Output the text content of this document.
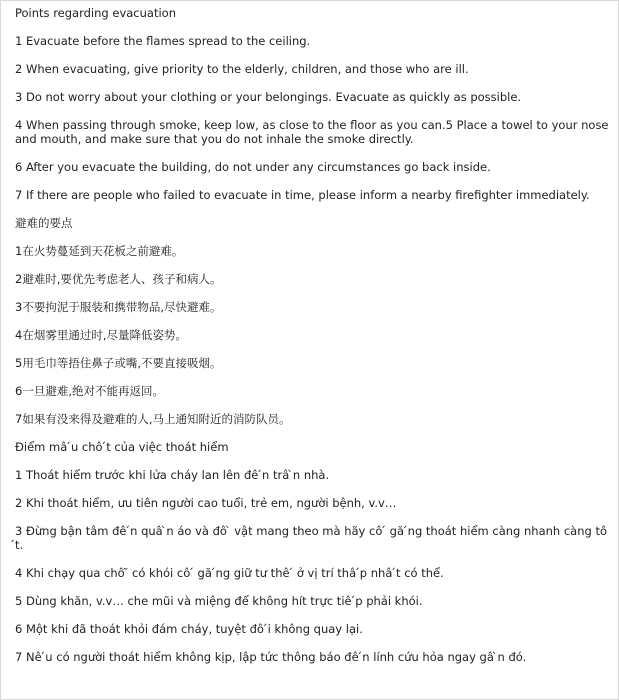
Points regarding evacuation

1 Evacuate before the flames spread to the ceiling.

2 When evacuating, give priority to the elderly, children, and those who are ill.

3 Do not worry about your clothing or your belongings. Evacuate as quickly as possible.

4 When passing through smoke, keep low, as close to the floor as you can.5 Place a towel to your nose and mouth, and make sure that you do not inhale the smoke directly.

6 After you evacuate the building, do not under any circumstances go back inside.

7 If there are people who failed to evacuate in time, please inform a nearby firefighter immediately.

避难的要点

1在火势蔓延到天花板之前避难。

2避难时,要优先考虑老人、孩子和病人。

3不要拘泥于服装和携带物品,尽快避难。

4在烟雾里通过时,尽量降低姿势。

5用毛巾等捂住鼻子或嘴,不要直接吸烟。

6一旦避难,绝对不能再返回。

7如果有没来得及避难的人,马上通知附近的消防队员。

Điểm mâ ́u chô ́t của việc thoát hiểm

1 Thoát hiểm trước khi lửa cháy lan lên đê ́n trâ ̀n nhà.

2 Khi thoát hiểm, ưu tiên người cao tuổi, trẻ em, người bệnh, v.v…

3 Đừng bận tâm đê ́n quâ ̀n áo và đô ̀ vật mang theo mà hãy cô ́ gă ́ng thoát hiểm càng nhanh càng tô ́t.

4 Khi chạy qua chô ̃ có khói cô ́ gă ́ng giữ tư thê ́ ở vị trí thâ ́p nhâ ́t có thể.

5 Dùng khăn, v.v… che mũi và miệng để không hít trực tiê ́p phải khói.

6 Một khi đã thoát khỏi đám cháy, tuyệt đô ́i không quay lại.

7 Nê ́u có người thoát hiểm không kịp, lập tức thông báo đê ́n lính cứu hỏa ngay gâ ̀n đó.
